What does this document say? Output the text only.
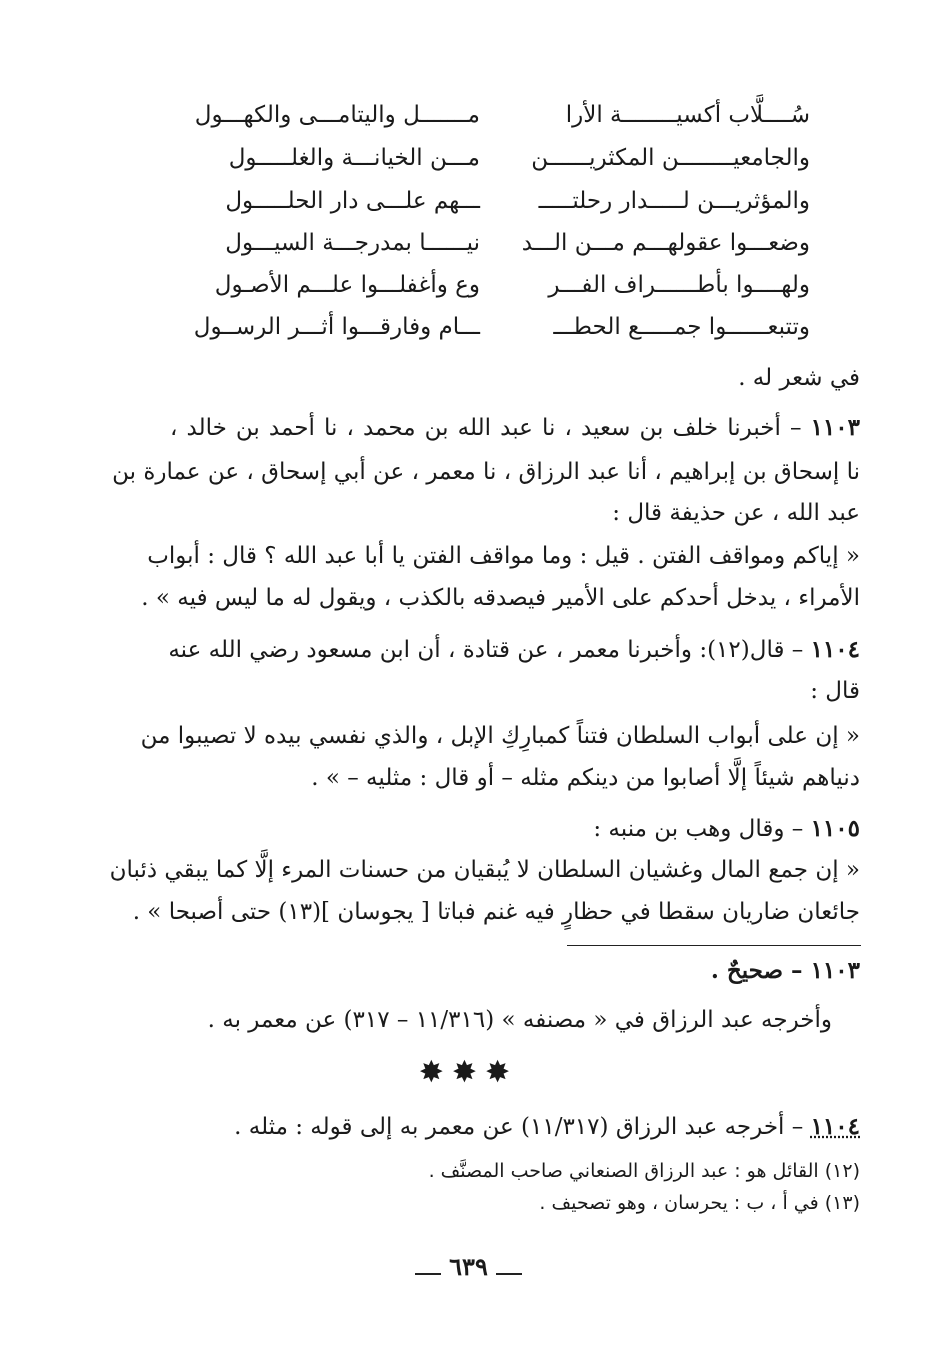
سُــــلَّاب أكسيــــــــة الأرا
مـــــــل واليتامـــى والكهـــول
والجامعيــــــــن المكثريــــــن
مـــن الخيانـــة والغلـــــول
والمؤثريـــن لـــــدار رحلتـــــ
ـــهم علـــى دار الحلـــــول
وضعـــوا عقولهـــم مـــن الـــد
نيــــــا بمدرجـــة السيـــول
ولهــــوا بأطــــــراف الفـــر
وع وأغفلـــوا علـــم الأصـول
وتتبعــــــوا جمـــــع الحطـــ
ـــام وفارقـــوا أثـــر الرســول
في شعر له .
١١٠٣ – أخبرنا خلف بن سعيد ، نا عبد الله بن محمد ، نا أحمد بن خالد ،
نا إسحاق بن إبراهيم ، أنا عبد الرزاق ، نا معمر ، عن أبي إسحاق ، عن عمارة بن
عبد الله ، عن حذيفة قال :
« إياكم ومواقف الفتن . قيل : وما مواقف الفتن يا أبا عبد الله ؟ قال : أبواب
الأمراء ، يدخل أحدكم على الأمير فيصدقه بالكذب ، ويقول له ما ليس فيه » .
١١٠٤ – قال(١٢): وأخبرنا معمر ، عن قتادة ، أن ابن مسعود رضي الله عنه
قال :
« إن على أبواب السلطان فتناً كمبارِكِ الإبل ، والذي نفسي بيده لا تصيبوا من
دنياهم شيئاً إلَّا أصابوا من دينكم مثله – أو قال : مثليه – » .
١١٠٥ – وقال وهب بن منبه :
« إن جمع المال وغشيان السلطان لا يُبقيان من حسنات المرء إلَّا كما يبقي ذئبان
جائعان ضاريان سقطا في حظارٍ فيه غنم فباتا [ يجوسان ](١٣) حتى أصبحا » .
١١٠٣ – صحيحٌ .
وأخرجه عبد الرزاق في « مصنفه » (١١/٣١٦ – ٣١٧) عن معمر به .
✸✸✸
١١٠٤ – أخرجه عبد الرزاق (١١/٣١٧) عن معمر به إلى قوله : مثله .
(١٢) القائل هو : عبد الرزاق الصنعاني صاحب المصنَّف .
(١٣) في أ ، ب : يحرسان ، وهو تصحيف .
٦٣٩
